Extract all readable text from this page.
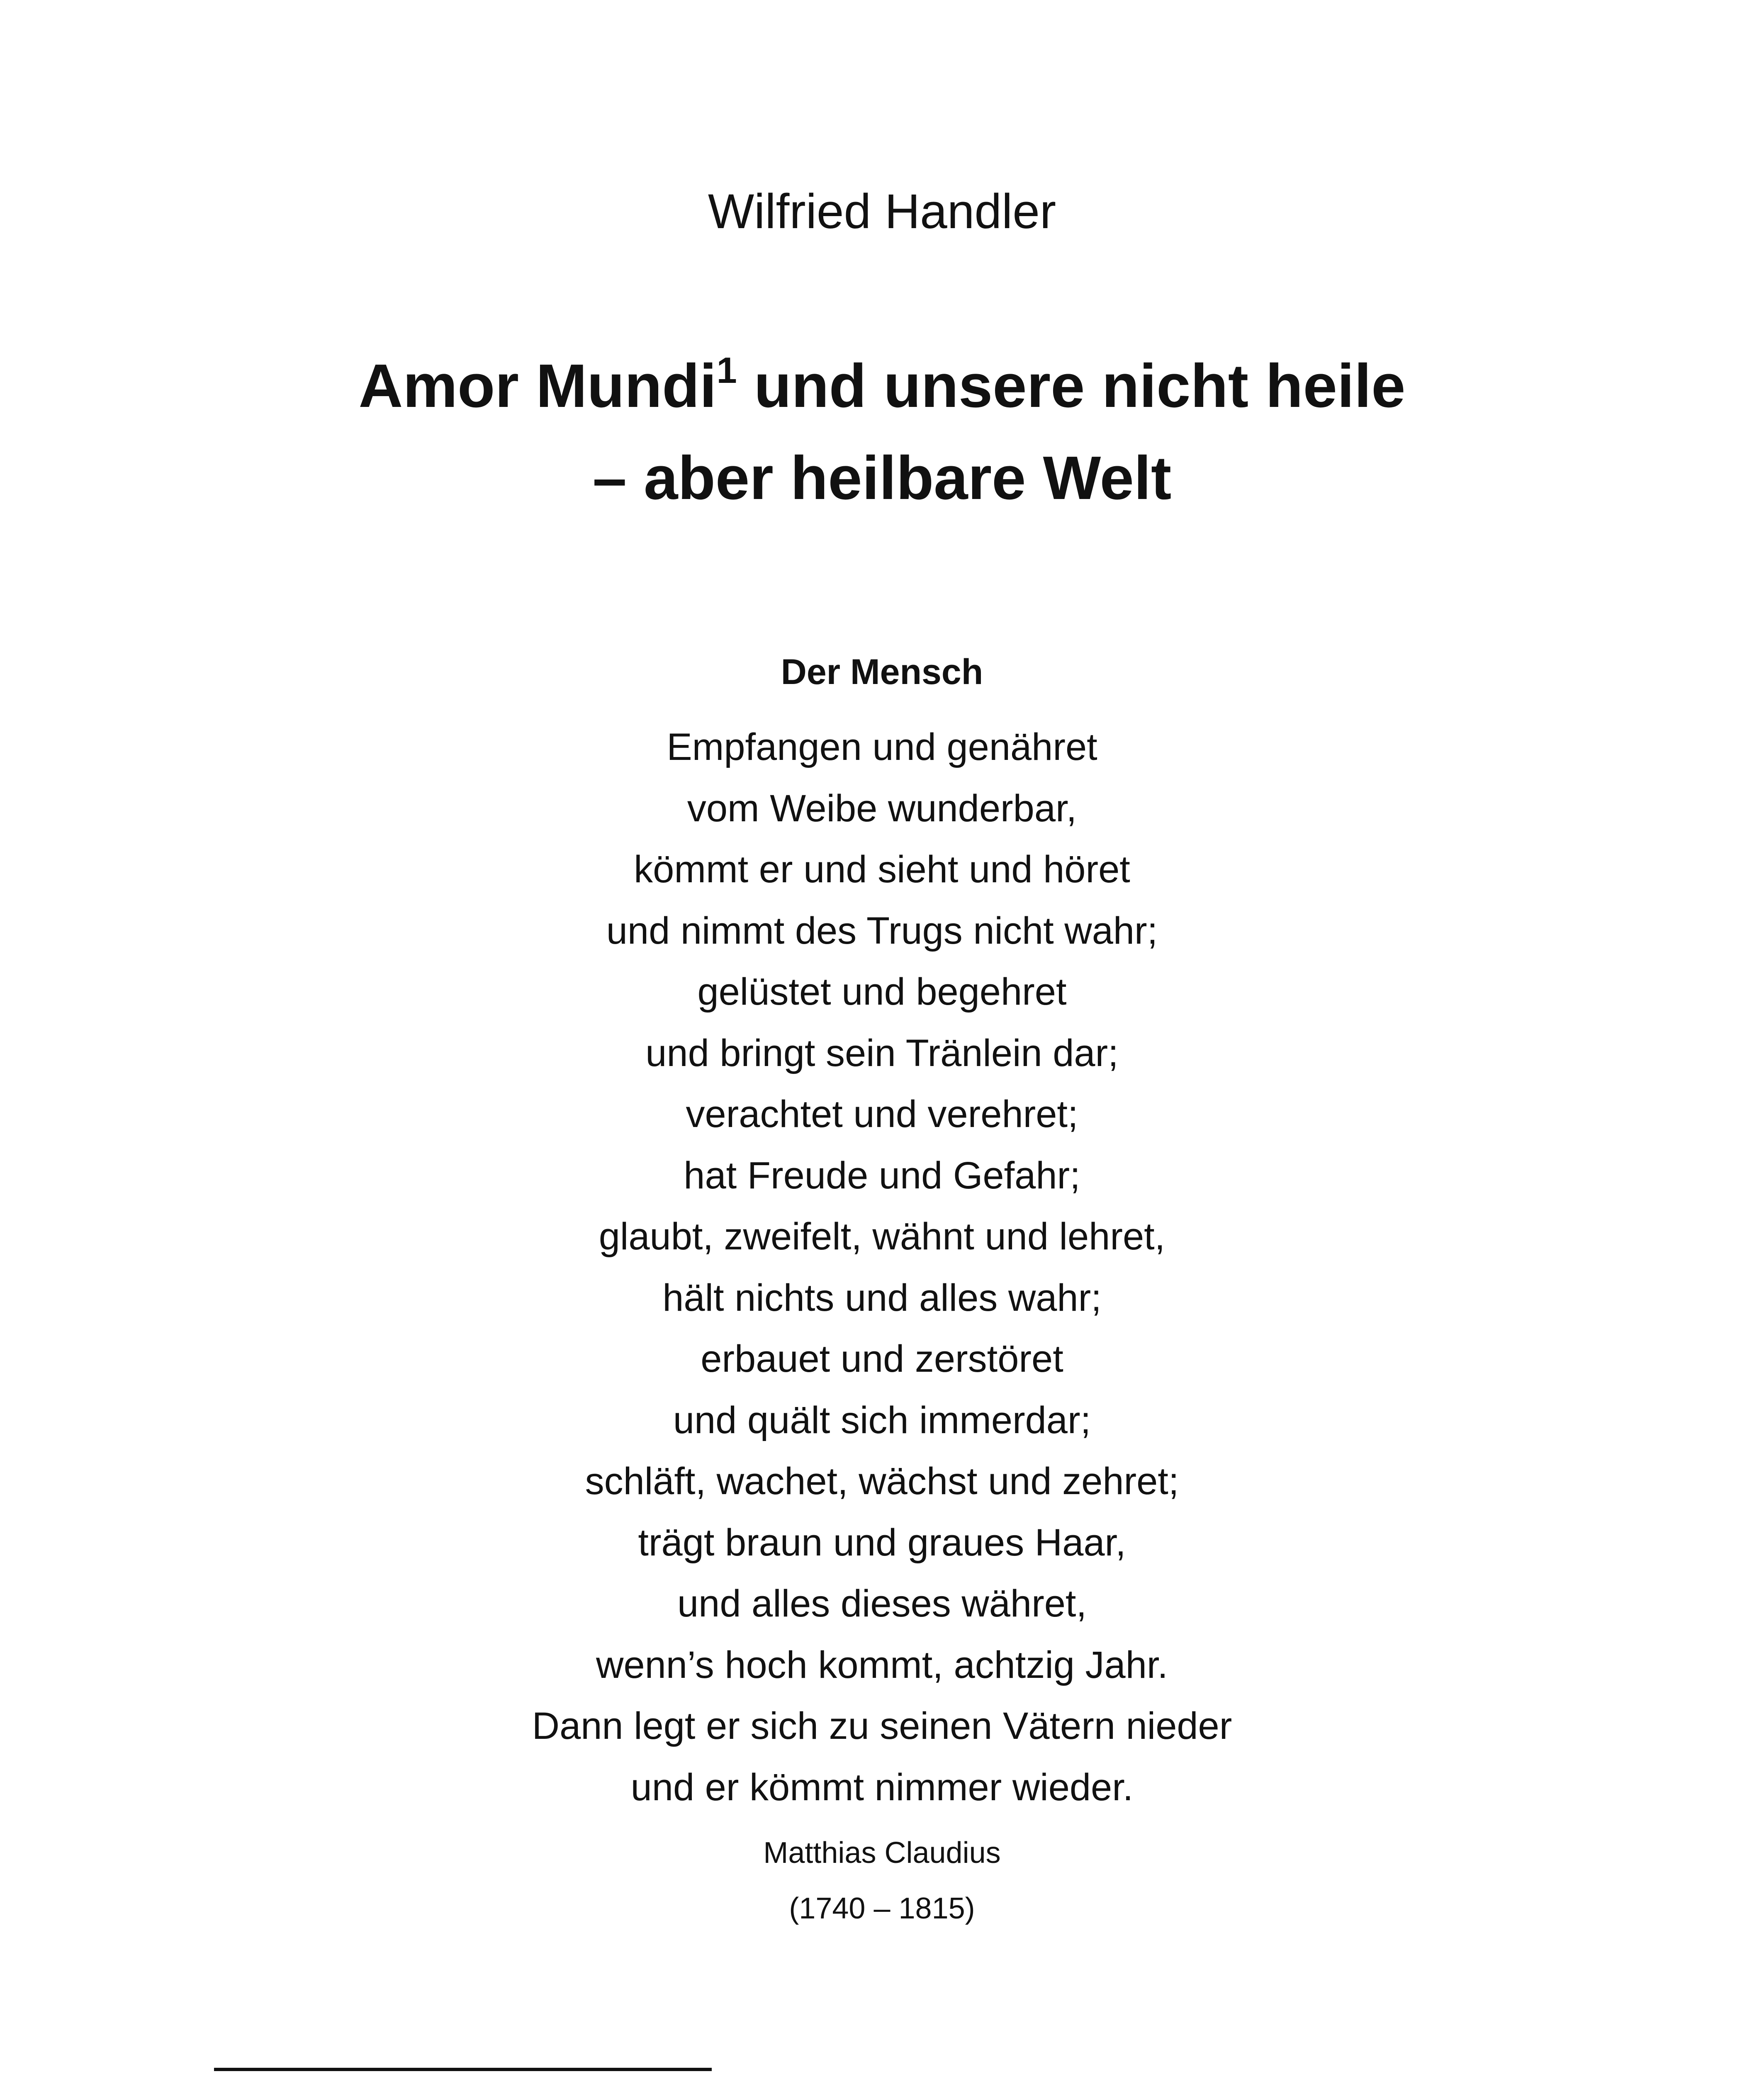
Wilfried Handler
Amor Mundi$^1$ und unsere nicht heile
– aber heilbare Welt
Der Mensch
Empfangen und genähret
vom Weibe wunderbar,
kömmt er und sieht und höret
und nimmt des Trugs nicht wahr;
gelüstet und begehret
und bringt sein Tränlein dar;
verachtet und verehret;
hat Freude und Gefahr;
glaubt, zweifelt, wähnt und lehret,
hält nichts und alles wahr;
erbauet und zerstöret
und quält sich immerdar;
schläft, wachet, wächst und zehret;
trägt braun und graues Haar,
und alles dieses währet,
wenn’s hoch kommt, achtzig Jahr.
Dann legt er sich zu seinen Vätern nieder
und er kömmt nimmer wieder.
Matthias Claudius
(1740 – 1815)
